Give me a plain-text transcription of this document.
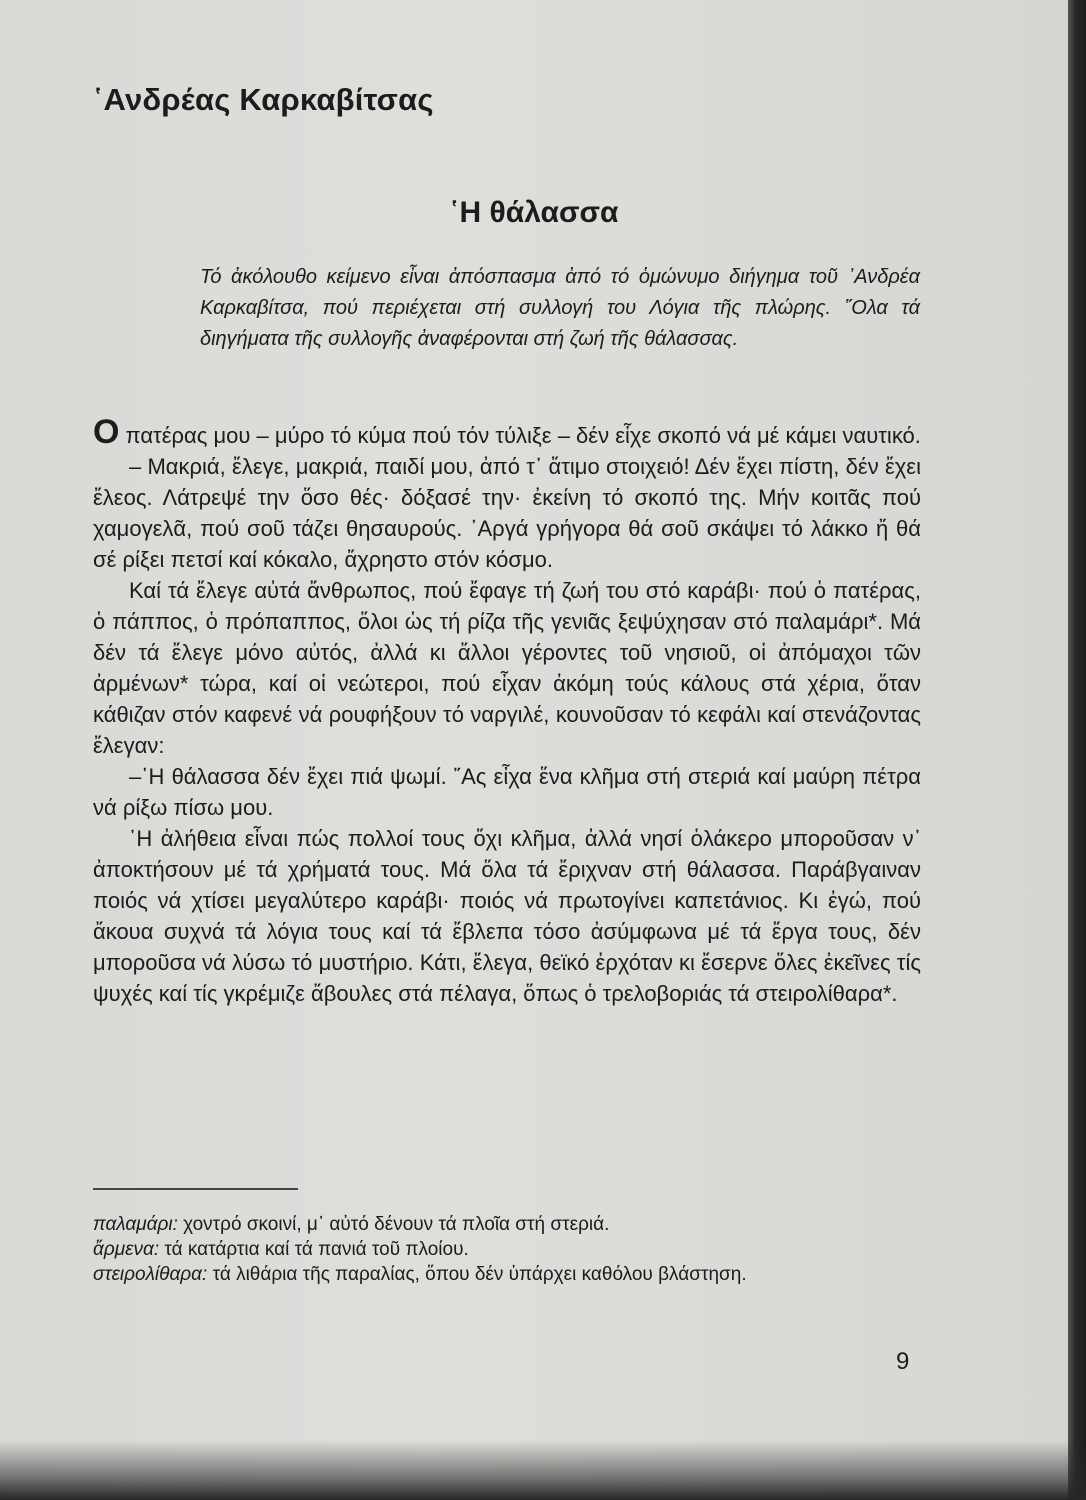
῾Ανδρέας Καρκαβίτσας
῾Η θάλασσα

Τό ἀκόλουθο κείμενο εἶναι ἀπόσπασμα ἀπό τό ὁμώνυμο διήγημα τοῦ ᾿Ανδρέα Καρκαβίτσα, πού περιέχεται στή συλλογή του Λόγια τῆς πλώρης. ῞Ολα τά διηγήματα τῆς συλλογῆς ἀναφέρονται στή ζωή τῆς θάλασσας.

Οπατέρας μου – μύρο τό κύμα πού τόν τύλιξε – δέν εἶχε σκοπό νά μέ κάμει ναυτικό.

– Μακριά, ἔλεγε, μακριά, παιδί μου, ἀπό τ᾿ ἄτιμο στοιχειό! Δέν ἔχει πίστη, δέν ἔχει ἔλεος. Λάτρεψέ την ὅσο θές· δόξασέ την· ἐκείνη τό σκοπό της. Μήν κοιτᾶς πού χαμογελᾶ, πού σοῦ τάζει θησαυρούς. ᾿Αργά γρήγορα θά σοῦ σκάψει τό λάκκο ἤ θά σέ ρίξει πετσί καί κόκαλο, ἄχρηστο στόν κόσμο.

Καί τά ἔλεγε αὐτά ἄνθρωπος, πού ἔφαγε τή ζωή του στό καράβι· πού ὁ πατέρας, ὁ πάππος, ὁ πρόπαππος, ὅλοι ὡς τή ρίζα τῆς γενιᾶς ξεψύχησαν στό παλαμάρι*. Μά δέν τά ἔλεγε μόνο αὐτός, ἀλλά κι ἄλλοι γέροντες τοῦ νησιοῦ, οἱ ἀπόμαχοι τῶν ἀρμένων* τώρα, καί οἱ νεώτεροι, πού εἶχαν ἀκόμη τούς κάλους στά χέρια, ὅταν κάθιζαν στόν καφενέ νά ρουφήξουν τό ναργιλέ, κουνοῦσαν τό κεφάλι καί στενάζοντας ἔλεγαν:

–῾Η θάλασσα δέν ἔχει πιά ψωμί. ῎Ας εἶχα ἕνα κλῆμα στή στεριά καί μαύρη πέτρα νά ρίξω πίσω μου.

῾Η ἀλήθεια εἶναι πώς πολλοί τους ὄχι κλῆμα, ἀλλά νησί ὁλάκερο μποροῦσαν ν᾿ ἀποκτήσουν μέ τά χρήματά τους. Μά ὅλα τά ἔριχναν στή θάλασσα. Παράβγαιναν ποιός νά χτίσει μεγαλύτερο καράβι· ποιός νά πρωτογίνει καπετάνιος. Κι ἐγώ, πού ἄκουα συχνά τά λόγια τους καί τά ἔβλεπα τόσο ἀσύμφωνα μέ τά ἔργα τους, δέν μποροῦσα νά λύσω τό μυστήριο. Κάτι, ἔλεγα, θεϊκό ἐρχόταν κι ἔσερνε ὅλες ἐκεῖνες τίς ψυχές καί τίς γκρέμιζε ἄβουλες στά πέλαγα, ὅπως ὁ τρελοβοριάς τά στειρολίθαρα*.

παλαμάρι: χοντρό σκοινί, μ᾿ αὐτό δένουν τά πλοῖα στή στεριά.
ἄρμενα: τά κατάρτια καί τά πανιά τοῦ πλοίου.
στειρολίθαρα: τά λιθάρια τῆς παραλίας, ὅπου δέν ὑπάρχει καθόλου βλάστηση.

9
